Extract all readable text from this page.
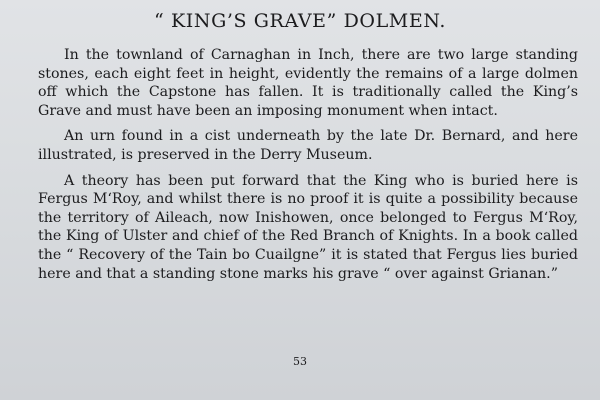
“ KING’S GRAVE” DOLMEN.

In the townland of Carnaghan in Inch, there are two large standing stones, each eight feet in height, evidently the remains of a large dolmen off which the Capstone has fallen. It is traditionally called the King’s Grave and must have been an imposing monument when intact.

An urn found in a cist underneath by the late Dr. Bernard, and here illustrated, is preserved in the Derry Museum.

A theory has been put forward that the King who is buried here is Fergus M‘Roy, and whilst there is no proof it is quite a possibility because the territory of Aileach, now Inishowen, once belonged to Fergus M‘Roy, the King of Ulster and chief of the Red Branch of Knights. In a book called the “ Recovery of the Tain bo Cuailgne” it is stated that Fergus lies buried here and that a standing stone marks his grave “ over against Grianan.”

53
